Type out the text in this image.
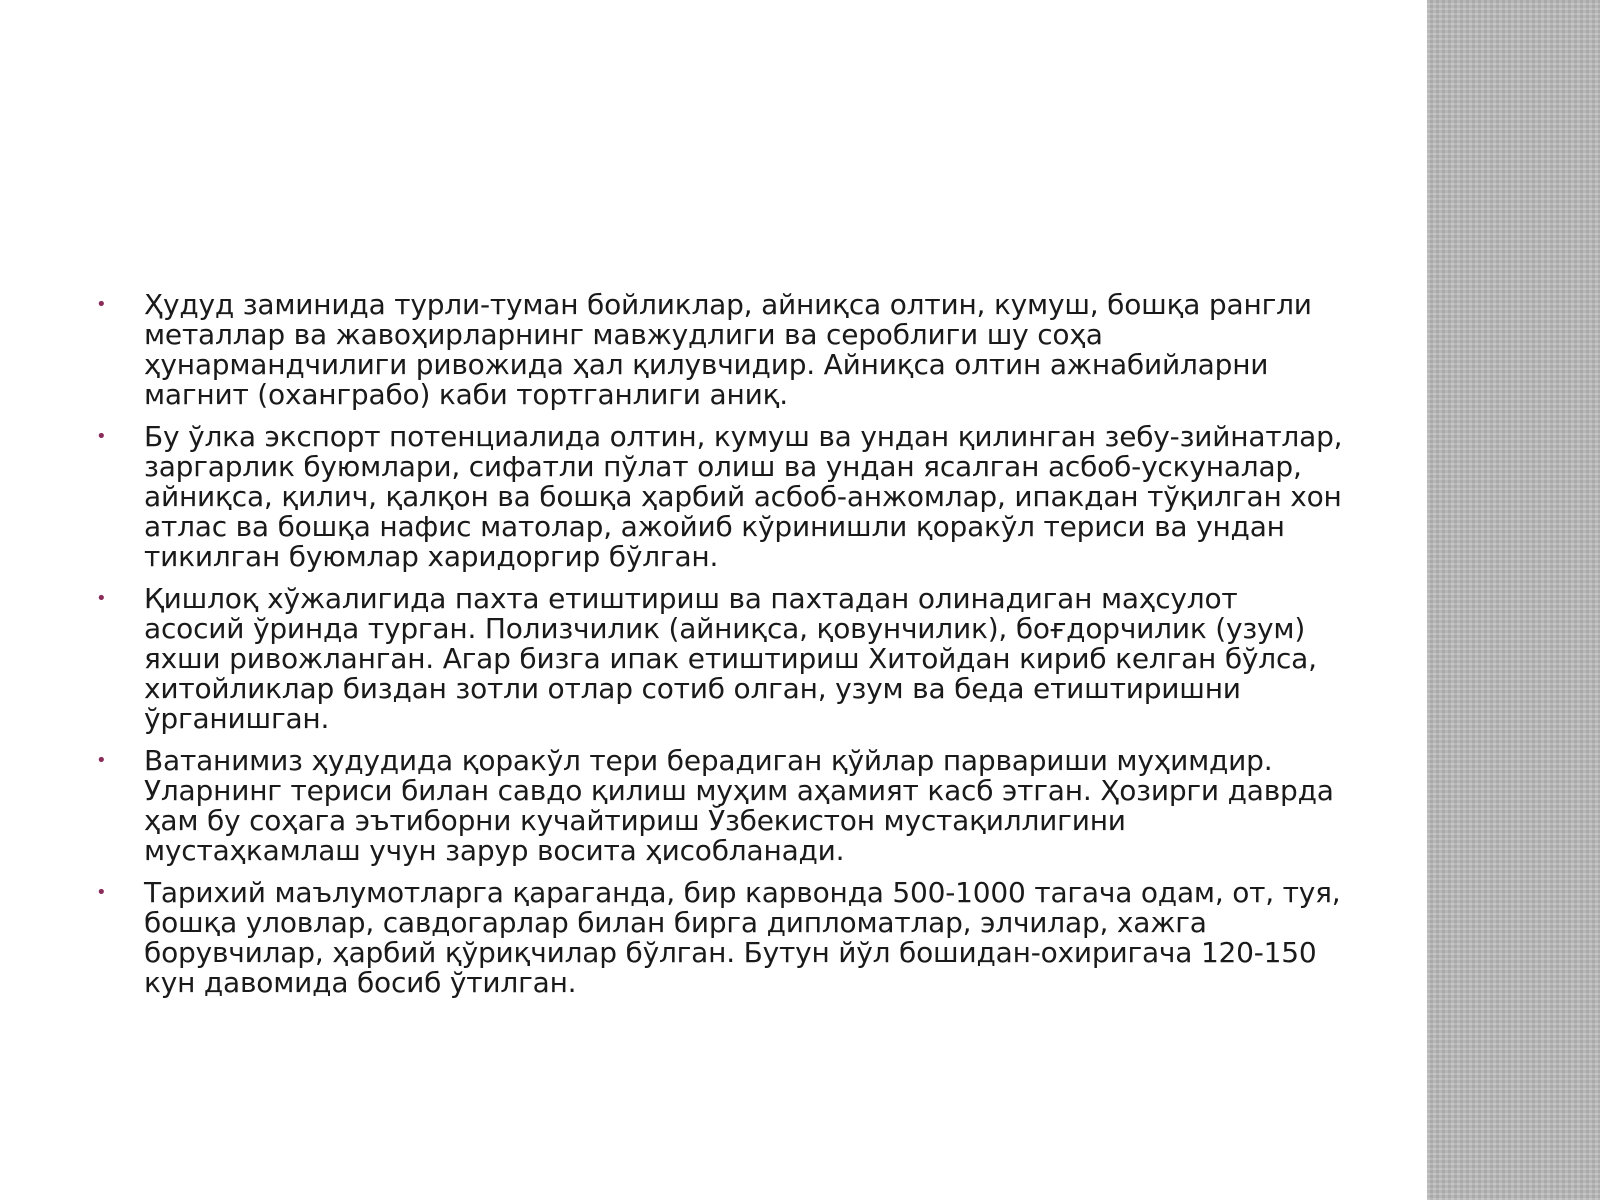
• Ҳудуд заминида турли-туман бойликлар, айниқса олтин, кумуш, бошқа рангли металлар ва жавоҳирларнинг мавжудлиги ва сероблиги шу соҳа ҳунармандчилиги ривожида ҳал қилувчидир. Айниқса олтин ажнабийларни магнит (оханграбо) каби тортганлиги аниқ.
• Бу ўлка экспорт потенциалида олтин, кумуш ва ундан қилинган зебу-зийнатлар, заргарлик буюмлари, сифатли пўлат олиш ва ундан ясалган асбоб-ускуналар, айниқса, қилич, қалқон ва бошқа ҳарбий асбоб-анжомлар, ипакдан тўқилган хон атлас ва бошқа нафис матолар, ажойиб кўринишли қоракўл териси ва ундан тикилган буюмлар харидоргир бўлган.
• Қишлоқ хўжалигида пахта етиштириш ва пахтадан олинадиган маҳсулот асосий ўринда турган. Полизчилик (айниқса, қовунчилик), боғдорчилик (узум) яхши ривожланган. Агар бизга ипак етиштириш Хитойдан кириб келган бўлса, хитойликлар биздан зотли отлар сотиб олган, узум ва беда етиштиришни ўрганишган.
• Ватанимиз ҳудудида қоракўл тери берадиган қўйлар парвариши муҳимдир. Уларнинг териси билан савдо қилиш муҳим аҳамият касб этган. Ҳозирги даврда ҳам бу соҳага эътиборни кучайтириш Ўзбекистон мустақиллигини мустаҳкамлаш учун зарур восита ҳисобланади.
• Тарихий маълумотларга қараганда, бир карвонда 500-1000 тагача одам, от, туя, бошқа уловлар, савдогарлар билан бирга дипломатлар, элчилар, хажга борувчилар, ҳарбий қўриқчилар бўлган. Бутун йўл бошидан-охиригача 120-150 кун давомида босиб ўтилган.
